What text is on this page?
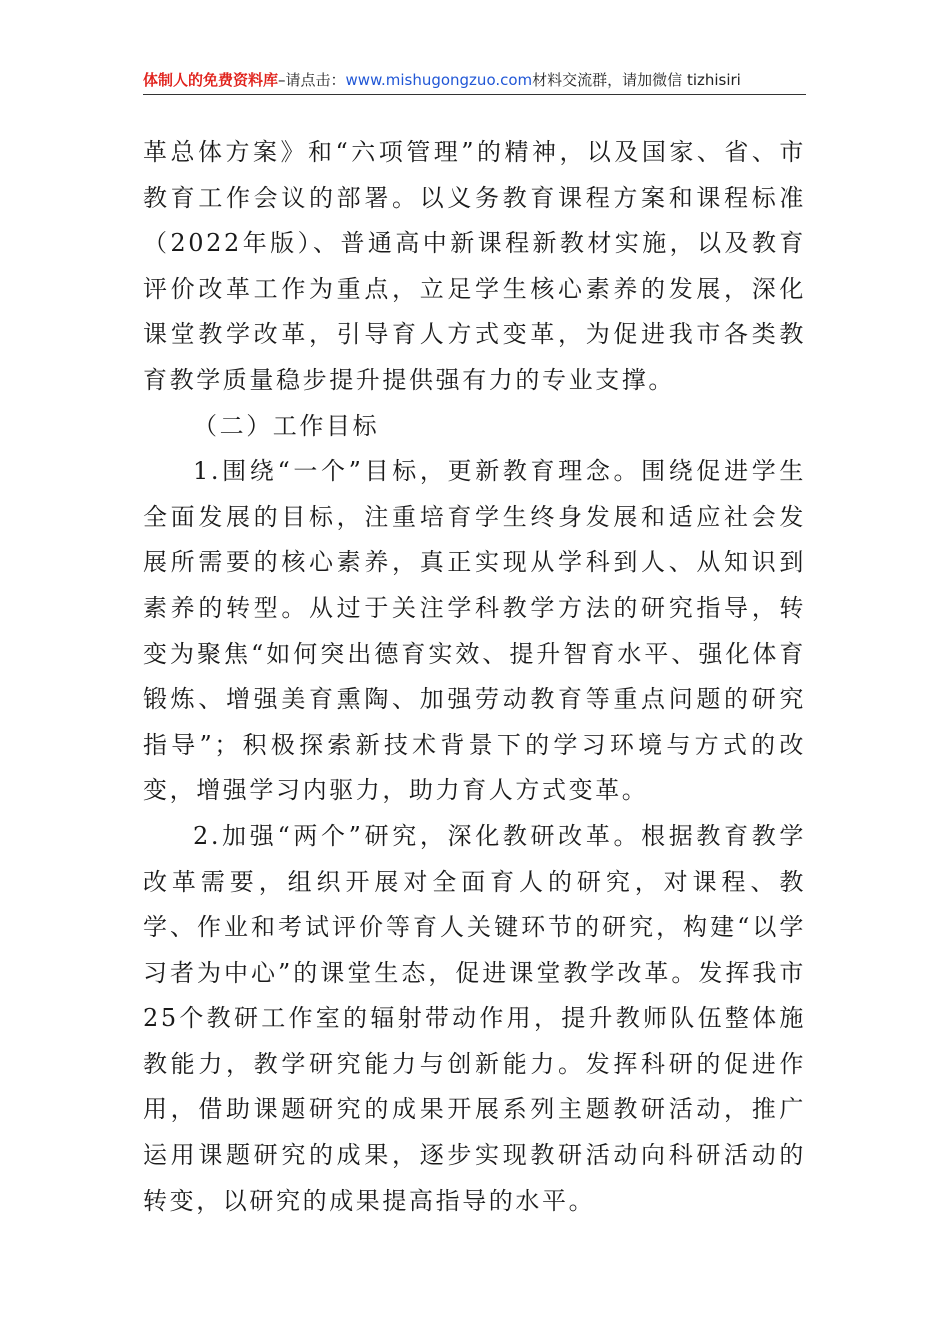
体制人的免费资料库–请点击：www.mishugongzuo.com材料交流群，请加微信 tizhisiri

革总体方案》和“六项管理”的精神，以及国家、省、市教育工作会议的部署。以义务教育课程方案和课程标准（2022年版）、普通高中新课程新教材实施，以及教育评价改革工作为重点，立足学生核心素养的发展，深化课堂教学改革，引导育人方式变革，为促进我市各类教育教学质量稳步提升提供强有力的专业支撑。

（二）工作目标

1.围绕“一个”目标，更新教育理念。围绕促进学生全面发展的目标，注重培育学生终身发展和适应社会发展所需要的核心素养，真正实现从学科到人、从知识到素养的转型。从过于关注学科教学方法的研究指导，转变为聚焦“如何突出德育实效、提升智育水平、强化体育锻炼、增强美育熏陶、加强劳动教育等重点问题的研究指导”；积极探索新技术背景下的学习环境与方式的改变，增强学习内驱力，助力育人方式变革。

2.加强“两个”研究，深化教研改革。根据教育教学改革需要，组织开展对全面育人的研究，对课程、教学、作业和考试评价等育人关键环节的研究，构建“以学习者为中心”的课堂生态，促进课堂教学改革。发挥我市25个教研工作室的辐射带动作用，提升教师队伍整体施教能力，教学研究能力与创新能力。发挥科研的促进作用，借助课题研究的成果开展系列主题教研活动，推广运用课题研究的成果，逐步实现教研活动向科研活动的转变，以研究的成果提高指导的水平。
